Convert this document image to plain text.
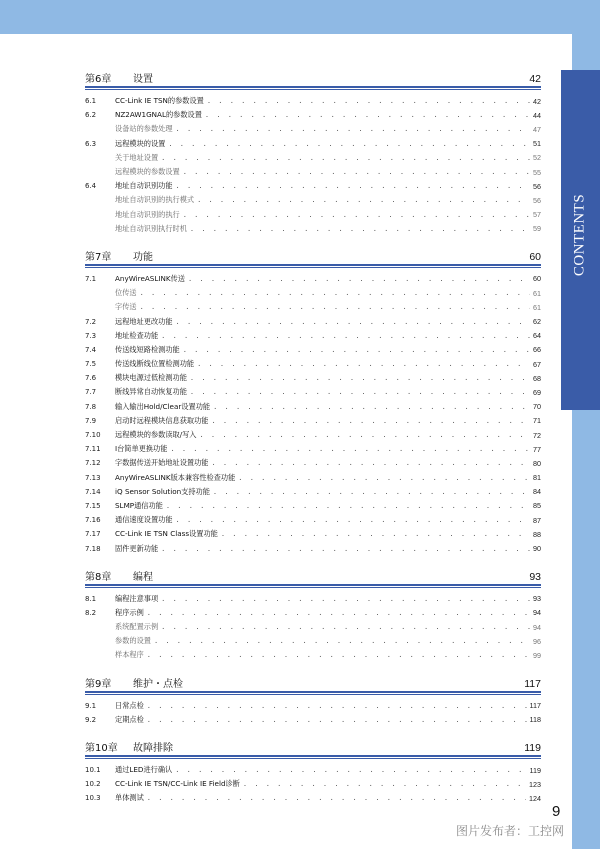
CONTENTS
第6章	设置	42
6.1	CC-Link IE TSN的参数设置 . . .	42
6.2	NZ2AW1GNAL的参数设置 . . .	44
设备站的参数处理 . . .	47
6.3	远程模块的设置 . . .	51
关于地址设置 . . .	52
远程模块的参数设置 . . .	55
6.4	地址自动识别功能 . . .	56
地址自动识别的执行模式 . . .	56
地址自动识别的执行 . . .	57
地址自动识别执行时机 . . .	59
第7章	功能	60
7.1	AnyWireASLINK传送 . . .	60
位传送 . . .	61
字传送 . . .	61
7.2	远程地址更改功能 . . .	62
7.3	地址检查功能 . . .	64
7.4	传送线短路检测功能 . . .	66
7.5	传送线断线位置检测功能 . . .	67
7.6	模块电源过低检测功能 . . .	68
7.7	断线异常自动恢复功能 . . .	69
7.8	输入输出Hold/Clear设置功能 . . .	70
7.9	启动时远程模块信息获取功能 . . .	71
7.10	远程模块的参数读取/写入 . . .	72
7.11	I台简单更换功能 . . .	77
7.12	字数据传送开始地址设置功能 . . .	80
7.13	AnyWireASLINK版本兼容性检查功能 . . .	81
7.14	iQ Sensor Solution支持功能 . . .	84
7.15	SLMP通信功能 . . .	85
7.16	通信速度设置功能 . . .	87
7.17	CC-Link IE TSN Class设置功能 . . .	88
7.18	固件更新功能 . . .	90
第8章	编程	93
8.1	编程注意事项 . . .	93
8.2	程序示例 . . .	94
系统配置示例 . . .	94
参数的设置 . . .	96
样本程序 . . .	99
第9章	维护・点检	117
9.1	日常点检 . . .	117
9.2	定期点检 . . .	118
第10章	故障排除	119
10.1	通过LED进行确认 . . .	119
10.2	CC-Link IE TSN/CC-Link IE Field诊断 . . .	123
10.3	单体测试 . . .	124
9
图片发布者：工控网
